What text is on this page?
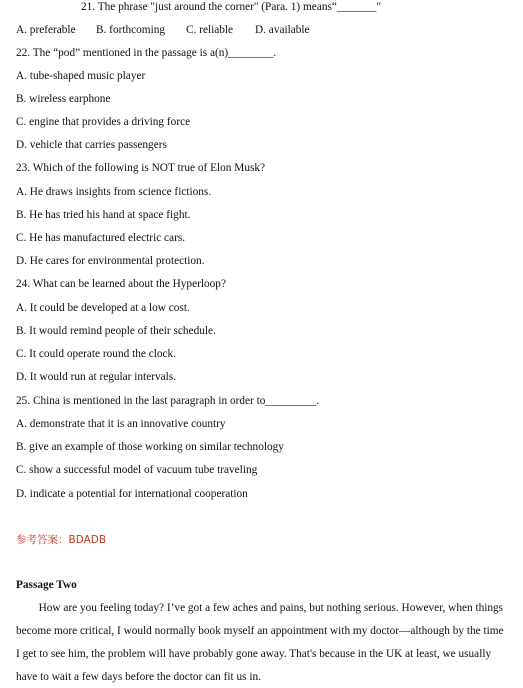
21. The phrase "just around the corner" (Para. 1) means“_______"
A. preferable B. forthcoming C. reliable D. available
22. The “pod” mentioned in the passage is a(n)________.
A. tube-shaped music player
B. wireless earphone
C. engine that provides a driving force
D. vehicle that carries passengers
23. Which of the following is NOT true of Elon Musk?
A. He draws insights from science fictions.
B. He has tried his hand at space fight.
C. He has manufactured electric cars.
D. He cares for environmental protection.
24. What can be learned about the Hyperloop?
A. It could be developed at a low cost.
B. It would remind people of their schedule.
C. It could operate round the clock.
D. It would run at regular intervals.
25. China is mentioned in the last paragraph in order to_________.
A. demonstrate that it is an innovative country
B. give an example of those working on similar technology
C. show a successful model of vacuum tube traveling
D. indicate a potential for international cooperation
参考答案：BDADB
Passage Two
  How are you feeling today? I’ve got a few aches and pains, but nothing serious. However, when things
become more critical, I would normally book myself an appointment with my doctor—although by the time
I get to see him, the problem will have probably gone away. That's because in the UK at least, we usually
have to wait a few days before the doctor can fit us in.
